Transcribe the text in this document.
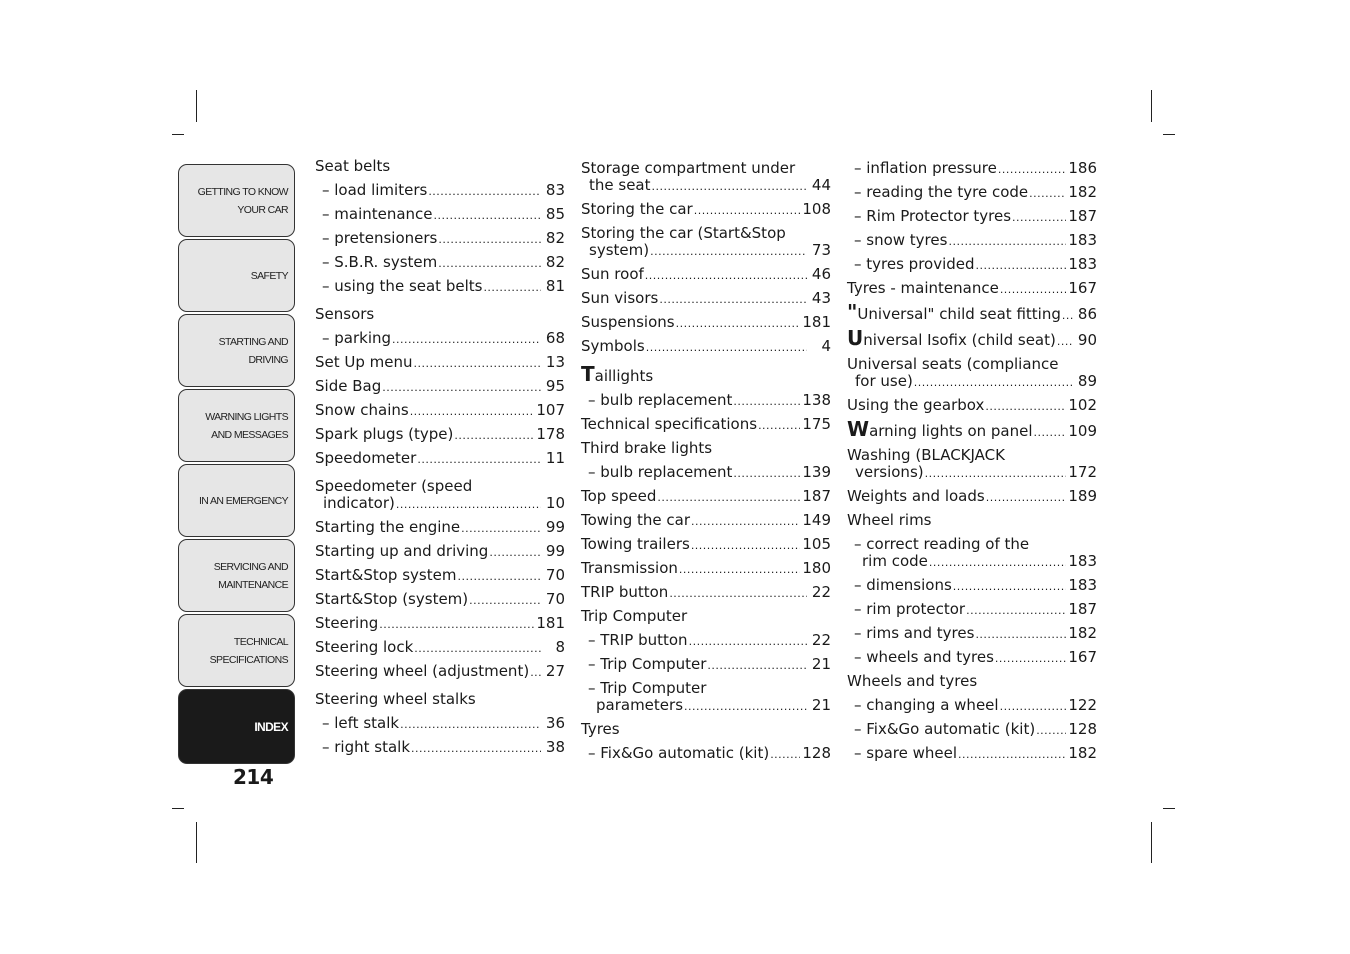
GETTING TO KNOW
YOUR CAR
SAFETY
STARTING AND
DRIVING
WARNING LIGHTS
AND MESSAGES
IN AN EMERGENCY
SERVICING AND
MAINTENANCE
TECHNICAL
SPECIFICATIONS
INDEX
214
Seat belts
– load limiters .....	83
– maintenance .....	85
– pretensioners .....	82
– S.B.R. system .....	82
– using the seat belts .....	81
Sensors
– parking .....	68
Set Up menu .....	13
Side Bag .....	95
Snow chains .....	107
Spark plugs (type) .....	178
Speedometer .....	11
Speedometer (speed
indicator) .....	10
Starting the engine .....	99
Starting up and driving .....	99
Start&Stop system .....	70
Start&Stop (system) .....	70
Steering .....	181
Steering lock .....	8
Steering wheel (adjustment) ..... 27
Steering wheel stalks
– left stalk .....	36
– right stalk .....	38
Storage compartment under
the seat .....	44
Storing the car .....	108
Storing the car (Start&Stop
system) .....	73
Sun roof .....	46
Sun visors .....	43
Suspensions .....	181
Symbols .....	4
Taillights
– bulb replacement .....	138
Technical specifications .....	175
Third brake lights
– bulb replacement .....	139
Top speed .....	187
Towing the car .....	149
Towing trailers .....	105
Transmission .....	180
TRIP button .....	22
Trip Computer
– TRIP button .....	22
– Trip Computer .....	21
– Trip Computer
parameters .....	21
Tyres
– Fix&Go automatic (kit) ..... 128
– inflation pressure .....	186
– reading the tyre code .....	182
– Rim Protector tyres .....	187
– snow tyres .....	183
– tyres provided .....	183
Tyres - maintenance .....	167
"Universal" child seat fitting ..... 86
Universal Isofix (child seat) ..... 90
Universal seats (compliance
for use) .....	89
Using the gearbox .....	102
Warning lights on panel ..... 109
Washing (BLACKJACK
versions) .....	172
Weights and loads .....	189
Wheel rims
– correct reading of the
rim code .....	183
– dimensions .....	183
– rim protector .....	187
– rims and tyres .....	182
– wheels and tyres .....	167
Wheels and tyres
– changing a wheel .....	122
– Fix&Go automatic (kit) ..... 128
– spare wheel .....	182
